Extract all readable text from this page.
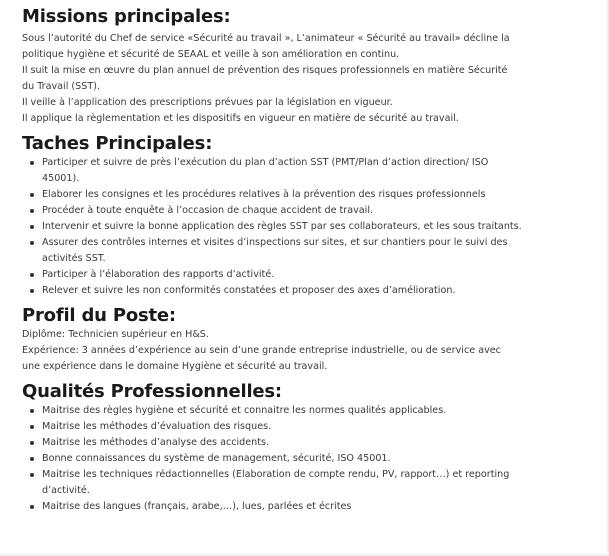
Missions principales:

Sous l’autorité du Chef de service «Sécurité au travail », L’animateur « Sécurité au travail» décline la

politique hygiène et sécurité de SEAAL et veille à son amélioration en continu.

Il suit la mise en œuvre du plan annuel de prévention des risques professionnels en matière Sécurité

du Travail (SST).

Il veille à l’application des prescriptions prévues par la législation en vigueur.

Il applique la règlementation et les dispositifs en vigueur en matière de sécurité au travail.

Taches Principales:
Participer et suivre de près l’exécution du plan d’action SST (PMT/Plan d’action direction/ ISO 45001).
Elaborer les consignes et les procédures relatives à la prévention des risques professionnels
Procéder à toute enquête à l’occasion de chaque accident de travail.
Intervenir et suivre la bonne application des règles SST par ses collaborateurs, et les sous traitants.
Assurer des contrôles internes et visites d’inspections sur sites, et sur chantiers pour le suivi des activités SST.
Participer à l’élaboration des rapports d’activité.
Relever et suivre les non conformités constatées et proposer des axes d’amélioration.
Profil du Poste:

Diplôme: Technicien supérieur en H&S.

Expérience: 3 années d’expérience au sein d’une grande entreprise industrielle, ou de service avec

une expérience dans le domaine Hygiène et sécurité au travail.

Qualités Professionnelles:
Maitrise des règles hygiène et sécurité et connaitre les normes qualités applicables.
Maitrise les méthodes d’évaluation des risques.
Maitrise les méthodes d’analyse des accidents.
Bonne connaissances du système de management, sécurité, ISO 45001.
Maitrise les techniques rédactionnelles (Elaboration de compte rendu, PV, rapport…) et reporting d’activité.
Maitrise des langues (français, arabe,…), lues, parlées et écrites
